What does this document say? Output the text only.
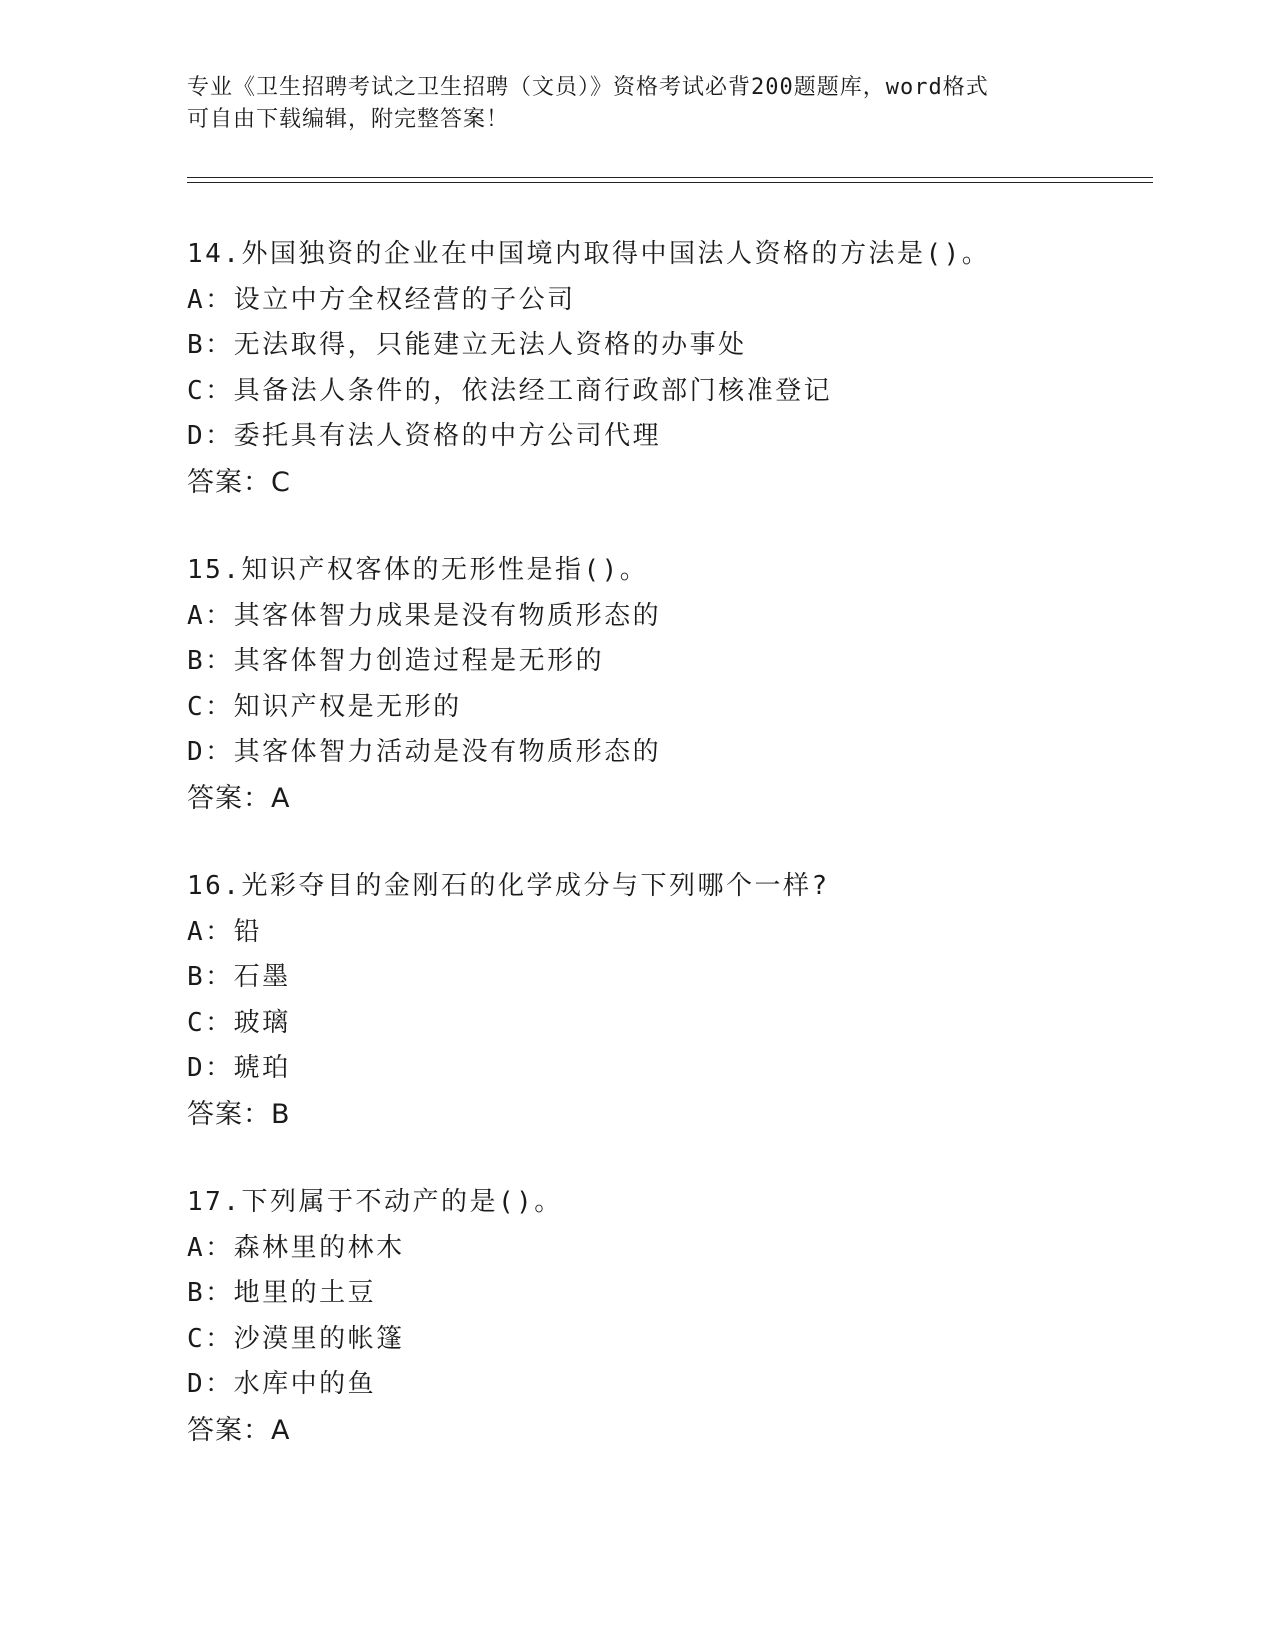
专业《卫生招聘考试之卫生招聘（文员）》资格考试必背200题题库，word格式
可自由下载编辑，附完整答案！
14.外国独资的企业在中国境内取得中国法人资格的方法是()。
A：设立中方全权经营的子公司
B：无法取得，只能建立无法人资格的办事处
C：具备法人条件的，依法经工商行政部门核准登记
D：委托具有法人资格的中方公司代理
答案：C
15.知识产权客体的无形性是指()。
A：其客体智力成果是没有物质形态的
B：其客体智力创造过程是无形的
C：知识产权是无形的
D：其客体智力活动是没有物质形态的
答案：A
16.光彩夺目的金刚石的化学成分与下列哪个一样?
A：铅
B：石墨
C：玻璃
D：琥珀
答案：B
17.下列属于不动产的是()。
A：森林里的林木
B：地里的土豆
C：沙漠里的帐篷
D：水库中的鱼
答案：A
